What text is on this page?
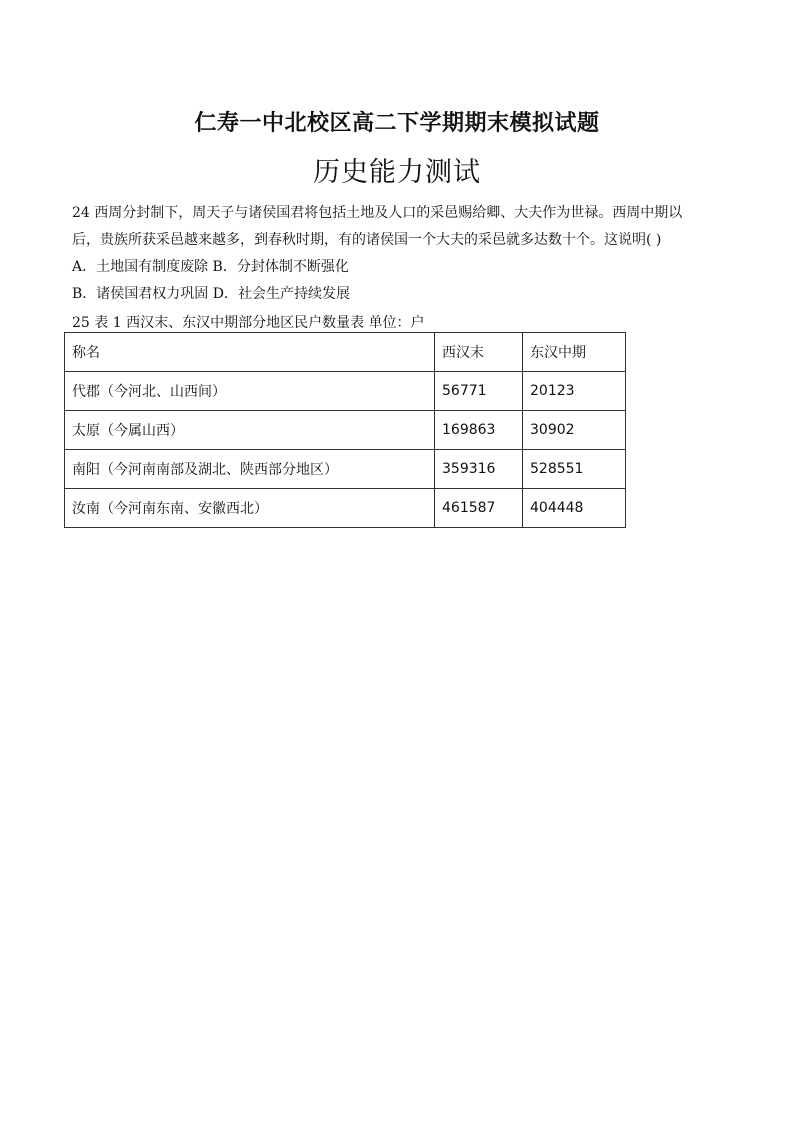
仁寿一中北校区高二下学期期末模拟试题
历史能力测试
24 西周分封制下，周天子与诸侯国君将包括土地及人口的采邑赐给卿、大夫作为世禄。西周中期以
后，贵族所获采邑越来越多，到春秋时期，有的诸侯国一个大夫的采邑就多达数十个。这说明( )
A．土地国有制度废除 B．分封体制不断强化
B．诸侯国君权力巩固 D．社会生产持续发展
25 表 1 西汉末、东汉中期部分地区民户数量表 单位：户
称名	西汉末	东汉中期
代郡（今河北、山西间）	56771	20123
太原（今属山西）	169863	30902
南阳（今河南南部及湖北、陕西部分地区）	359316	528551
汝南（今河南东南、安徽西北）	461587	404448
